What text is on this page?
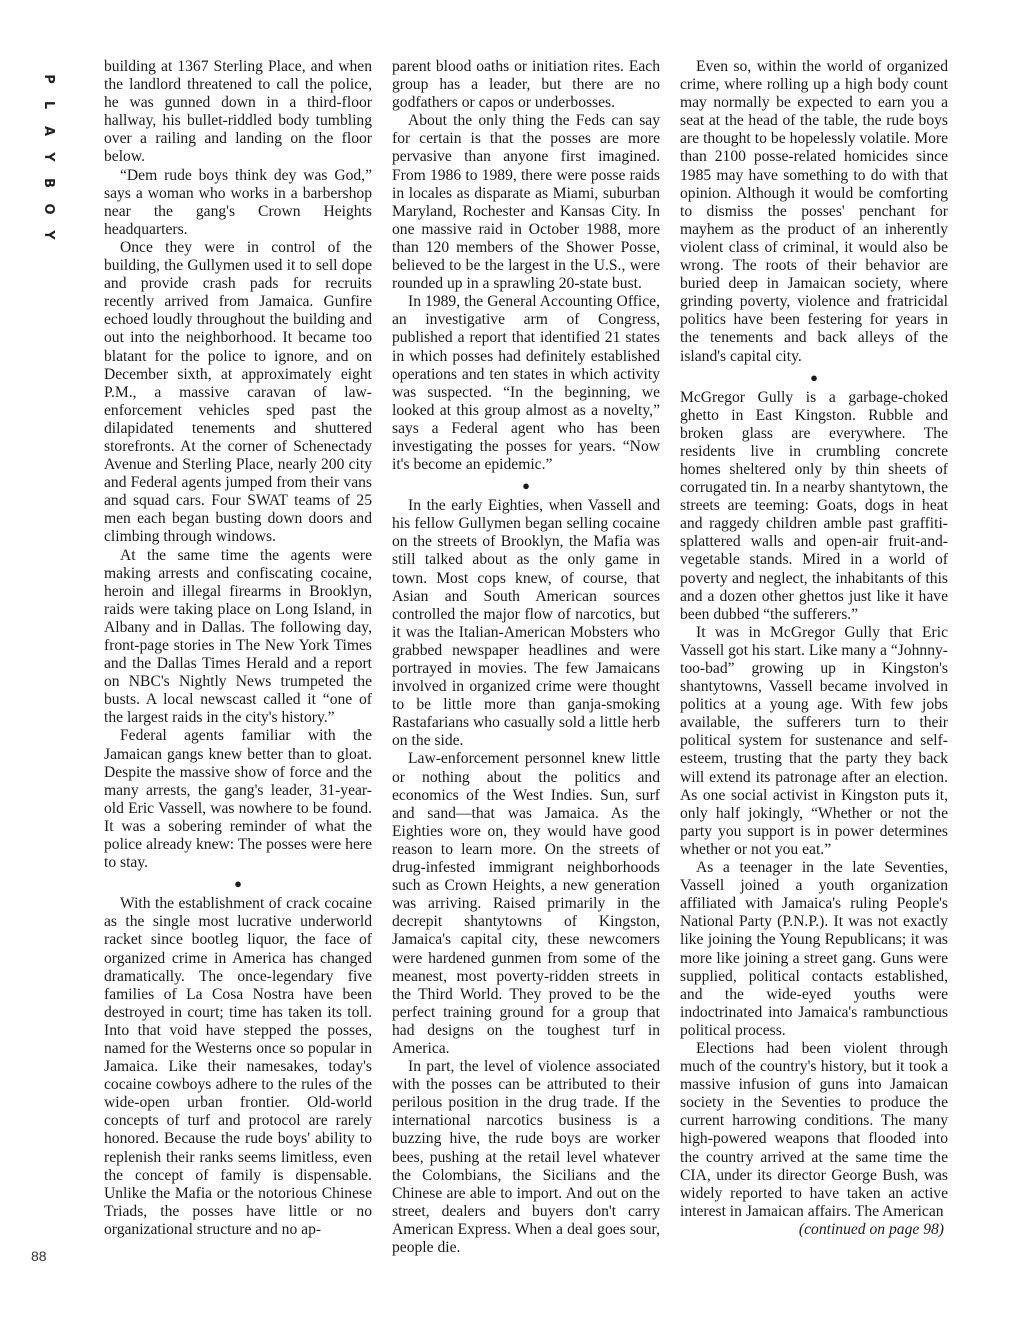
P
L
A
Y
B
O
Y

building at 1367 Sterling Place, and when the landlord threatened to call the police, he was gunned down in a third-floor hallway, his bullet-riddled body tumbling over a railing and landing on the floor below.

“Dem rude boys think dey was God,” says a woman who works in a barbershop near the gang's Crown Heights headquarters.

Once they were in control of the building, the Gullymen used it to sell dope and provide crash pads for recruits recently arrived from Jamaica. Gunfire echoed loudly throughout the building and out into the neighborhood. It became too blatant for the police to ignore, and on December sixth, at approximately eight P.M., a massive caravan of law-enforcement vehicles sped past the dilapidated tenements and shuttered storefronts. At the corner of Schenectady Avenue and Sterling Place, nearly 200 city and Federal agents jumped from their vans and squad cars. Four SWAT teams of 25 men each began busting down doors and climbing through windows.

At the same time the agents were making arrests and confiscating cocaine, heroin and illegal firearms in Brooklyn, raids were taking place on Long Island, in Albany and in Dallas. The following day, front-page stories in The New York Times and the Dallas Times Herald and a report on NBC's Nightly News trumpeted the busts. A local newscast called it “one of the largest raids in the city's history.”

Federal agents familiar with the Jamaican gangs knew better than to gloat. Despite the massive show of force and the many arrests, the gang's leader, 31-year-old Eric Vassell, was nowhere to be found. It was a sobering reminder of what the police already knew: The posses were here to stay.

●

With the establishment of crack cocaine as the single most lucrative underworld racket since bootleg liquor, the face of organized crime in America has changed dramatically. The once-legendary five families of La Cosa Nostra have been destroyed in court; time has taken its toll. Into that void have stepped the posses, named for the Westerns once so popular in Jamaica. Like their namesakes, today's cocaine cowboys adhere to the rules of the wide-open urban frontier. Old-world concepts of turf and protocol are rarely honored. Because the rude boys' ability to replenish their ranks seems limitless, even the concept of family is dispensable. Unlike the Mafia or the notorious Chinese Triads, the posses have little or no organizational structure and no ap-

parent blood oaths or initiation rites. Each group has a leader, but there are no godfathers or capos or underbosses.

About the only thing the Feds can say for certain is that the posses are more pervasive than anyone first imagined. From 1986 to 1989, there were posse raids in locales as disparate as Miami, suburban Maryland, Rochester and Kansas City. In one massive raid in October 1988, more than 120 members of the Shower Posse, believed to be the largest in the U.S., were rounded up in a sprawling 20-state bust.

In 1989, the General Accounting Office, an investigative arm of Congress, published a report that identified 21 states in which posses had definitely established operations and ten states in which activity was suspected. “In the beginning, we looked at this group almost as a novelty,” says a Federal agent who has been investigating the posses for years. “Now it's become an epidemic.”

●

In the early Eighties, when Vassell and his fellow Gullymen began selling cocaine on the streets of Brooklyn, the Mafia was still talked about as the only game in town. Most cops knew, of course, that Asian and South American sources controlled the major flow of narcotics, but it was the Italian-American Mobsters who grabbed newspaper headlines and were portrayed in movies. The few Jamaicans involved in organized crime were thought to be little more than ganja-smoking Rastafarians who casually sold a little herb on the side.

Law-enforcement personnel knew little or nothing about the politics and economics of the West Indies. Sun, surf and sand—that was Jamaica. As the Eighties wore on, they would have good reason to learn more. On the streets of drug-infested immigrant neighborhoods such as Crown Heights, a new generation was arriving. Raised primarily in the decrepit shantytowns of Kingston, Jamaica's capital city, these newcomers were hardened gunmen from some of the meanest, most poverty-ridden streets in the Third World. They proved to be the perfect training ground for a group that had designs on the toughest turf in America.

In part, the level of violence associated with the posses can be attributed to their perilous position in the drug trade. If the international narcotics business is a buzzing hive, the rude boys are worker bees, pushing at the retail level whatever the Colombians, the Sicilians and the Chinese are able to import. And out on the street, dealers and buyers don't carry American Express. When a deal goes sour, people die.

Even so, within the world of organized crime, where rolling up a high body count may normally be expected to earn you a seat at the head of the table, the rude boys are thought to be hopelessly volatile. More than 2100 posse-related homicides since 1985 may have something to do with that opinion. Although it would be comforting to dismiss the posses' penchant for mayhem as the product of an inherently violent class of criminal, it would also be wrong. The roots of their behavior are buried deep in Jamaican society, where grinding poverty, violence and fratricidal politics have been festering for years in the tenements and back alleys of the island's capital city.

●

McGregor Gully is a garbage-choked ghetto in East Kingston. Rubble and broken glass are everywhere. The residents live in crumbling concrete homes sheltered only by thin sheets of corrugated tin. In a nearby shantytown, the streets are teeming: Goats, dogs in heat and raggedy children amble past graffiti-splattered walls and open-air fruit-and-vegetable stands. Mired in a world of poverty and neglect, the inhabitants of this and a dozen other ghettos just like it have been dubbed “the sufferers.”

It was in McGregor Gully that Eric Vassell got his start. Like many a “Johnny-too-bad” growing up in Kingston's shantytowns, Vassell became involved in politics at a young age. With few jobs available, the sufferers turn to their political system for sustenance and self-esteem, trusting that the party they back will extend its patronage after an election. As one social activist in Kingston puts it, only half jokingly, “Whether or not the party you support is in power determines whether or not you eat.”

As a teenager in the late Seventies, Vassell joined a youth organization affiliated with Jamaica's ruling People's National Party (P.N.P.). It was not exactly like joining the Young Republicans; it was more like joining a street gang. Guns were supplied, political contacts established, and the wide-eyed youths were indoctrinated into Jamaica's rambunctious political process.

Elections had been violent through much of the country's history, but it took a massive infusion of guns into Jamaican society in the Seventies to produce the current harrowing conditions. The many high-powered weapons that flooded into the country arrived at the same time the CIA, under its director George Bush, was widely reported to have taken an active interest in Jamaican affairs. The American

(continued on page 98)
88
